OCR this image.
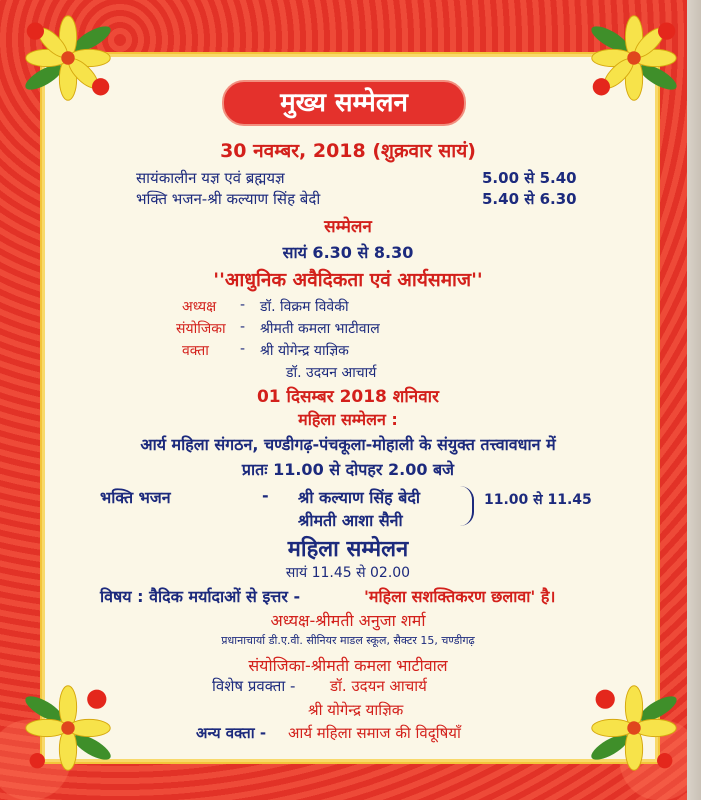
मुख्य सम्मेलन
30 नवम्बर, 2018 (शुक्रवार सायं)
सायंकालीन यज्ञ एवं ब्रह्मयज्ञ	5.00 से 5.40
भक्ति भजन-श्री कल्याण सिंह बेदी	5.40 से 6.30
सम्मेलन
सायं 6.30 से 8.30
''आधुनिक अवैदिकता एवं आर्यसमाज''
अध्यक्ष - डॉ. विक्रम विवेकी
संयोजिका - श्रीमती कमला भाटीवाल
वक्ता - श्री योगेन्द्र याज्ञिक
डॉ. उदयन आचार्य
01 दिसम्बर 2018 शनिवार
महिला सम्मेलन :
आर्य महिला संगठन, चण्डीगढ़-पंचकूला-मोहाली के संयुक्त तत्त्वावधान में
प्रातः 11.00 से दोपहर 2.00 बजे
भक्ति भजन	- श्री कल्याण सिंह बेदी
श्रीमती आशा सैनी
11.00 से 11.45
महिला सम्मेलन
सायं 11.45 से 02.00
विषय : वैदिक मर्यादाओं से इत्तर -	'महिला सशक्तिकरण छलावा' है।
अध्यक्ष-श्रीमती अनुजा शर्मा
प्रधानाचार्या डी.ए.वी. सीनियर माडल स्कूल, सैक्टर 15, चण्डीगढ़
संयोजिका-श्रीमती कमला भाटीवाल
विशेष प्रवक्ता - डॉ. उदयन आचार्य
श्री योगेन्द्र याज्ञिक
अन्य वक्ता - आर्य महिला समाज की विदूषियाँ
